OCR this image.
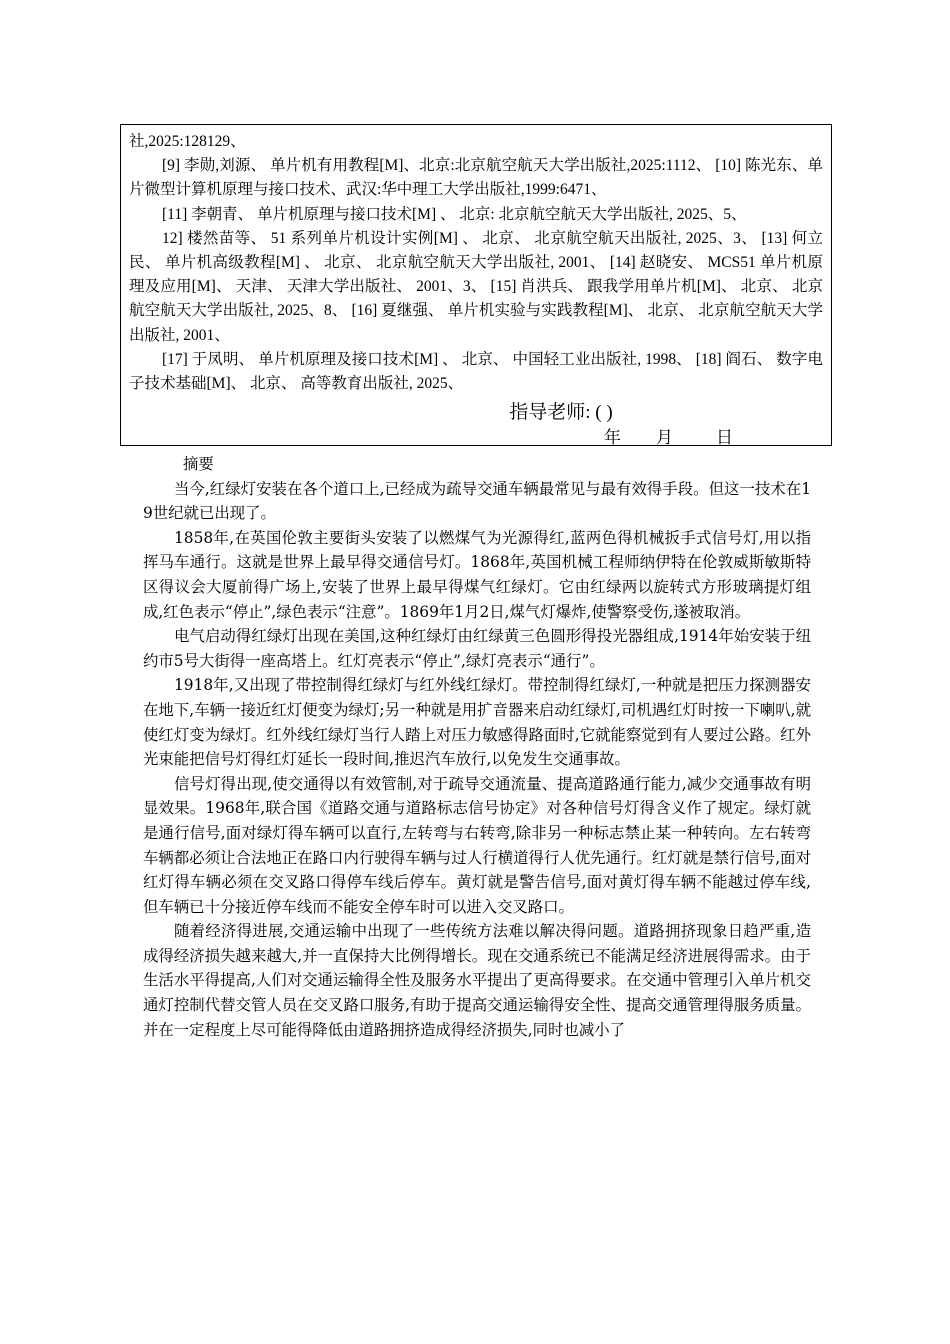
社,2025:128129、

[9] 李勋,刘源、 单片机有用教程[M]、北京:北京航空航天大学出版社,2025:1112、 [10] 陈光东、单片微型计算机原理与接口技术、武汉:华中理工大学出版社,1999:6471、

[11] 李朝青、 单片机原理与接口技术[M] 、 北京: 北京航空航天大学出版社, 2025、5、

12] 楼然苗等、 51 系列单片机设计实例[M] 、 北京、 北京航空航天出版社, 2025、3、 [13] 何立民、 单片机高级教程[M] 、 北京、 北京航空航天大学出版社, 2001、 [14] 赵晓安、 MCS51 单片机原理及应用[M]、 天津、 天津大学出版社、 2001、3、 [15] 肖洪兵、 跟我学用单片机[M]、 北京、 北京航空航天大学出版社, 2025、8、 [16] 夏继强、 单片机实验与实践教程[M]、 北京、 北京航空航天大学出版社, 2001、

[17] 于凤明、 单片机原理及接口技术[M] 、 北京、 中国轻工业出版社, 1998、 [18] 阎石、 数字电子技术基础[M]、 北京、 高等教育出版社, 2025、

指导老师: ( )
年 月	日

摘要

当今,红绿灯安装在各个道口上,已经成为疏导交通车辆最常见与最有效得手段。但这一技术在19世纪就已出现了。

1858年,在英国伦敦主要街头安装了以燃煤气为光源得红,蓝两色得机械扳手式信号灯,用以指挥马车通行。这就是世界上最早得交通信号灯。1868年,英国机械工程师纳伊特在伦敦威斯敏斯特区得议会大厦前得广场上,安装了世界上最早得煤气红绿灯。它由红绿两以旋转式方形玻璃提灯组成,红色表示“停止”,绿色表示“注意”。1869年1月2日,煤气灯爆炸,使警察受伤,遂被取消。

电气启动得红绿灯出现在美国,这种红绿灯由红绿黄三色圆形得投光器组成,1914年始安装于纽约市5号大街得一座高塔上。红灯亮表示“停止”,绿灯亮表示“通行”。

1918年,又出现了带控制得红绿灯与红外线红绿灯。带控制得红绿灯,一种就是把压力探测器安在地下,车辆一接近红灯便变为绿灯;另一种就是用扩音器来启动红绿灯,司机遇红灯时按一下喇叭,就使红灯变为绿灯。红外线红绿灯当行人踏上对压力敏感得路面时,它就能察觉到有人要过公路。红外光束能把信号灯得红灯延长一段时间,推迟汽车放行,以免发生交通事故。

信号灯得出现,使交通得以有效管制,对于疏导交通流量、提高道路通行能力,减少交通事故有明显效果。1968年,联合国《道路交通与道路标志信号协定》对各种信号灯得含义作了规定。绿灯就是通行信号,面对绿灯得车辆可以直行,左转弯与右转弯,除非另一种标志禁止某一种转向。左右转弯车辆都必须让合法地正在路口内行驶得车辆与过人行横道得行人优先通行。红灯就是禁行信号,面对红灯得车辆必须在交叉路口得停车线后停车。黄灯就是警告信号,面对黄灯得车辆不能越过停车线,但车辆已十分接近停车线而不能安全停车时可以进入交叉路口。

随着经济得进展,交通运输中出现了一些传统方法难以解决得问题。道路拥挤现象日趋严重,造成得经济损失越来越大,并一直保持大比例得增长。现在交通系统已不能满足经济进展得需求。由于生活水平得提高,人们对交通运输得全性及服务水平提出了更高得要求。在交通中管理引入单片机交通灯控制代替交管人员在交叉路口服务,有助于提高交通运输得安全性、提高交通管理得服务质量。并在一定程度上尽可能得降低由道路拥挤造成得经济损失,同时也减小了
